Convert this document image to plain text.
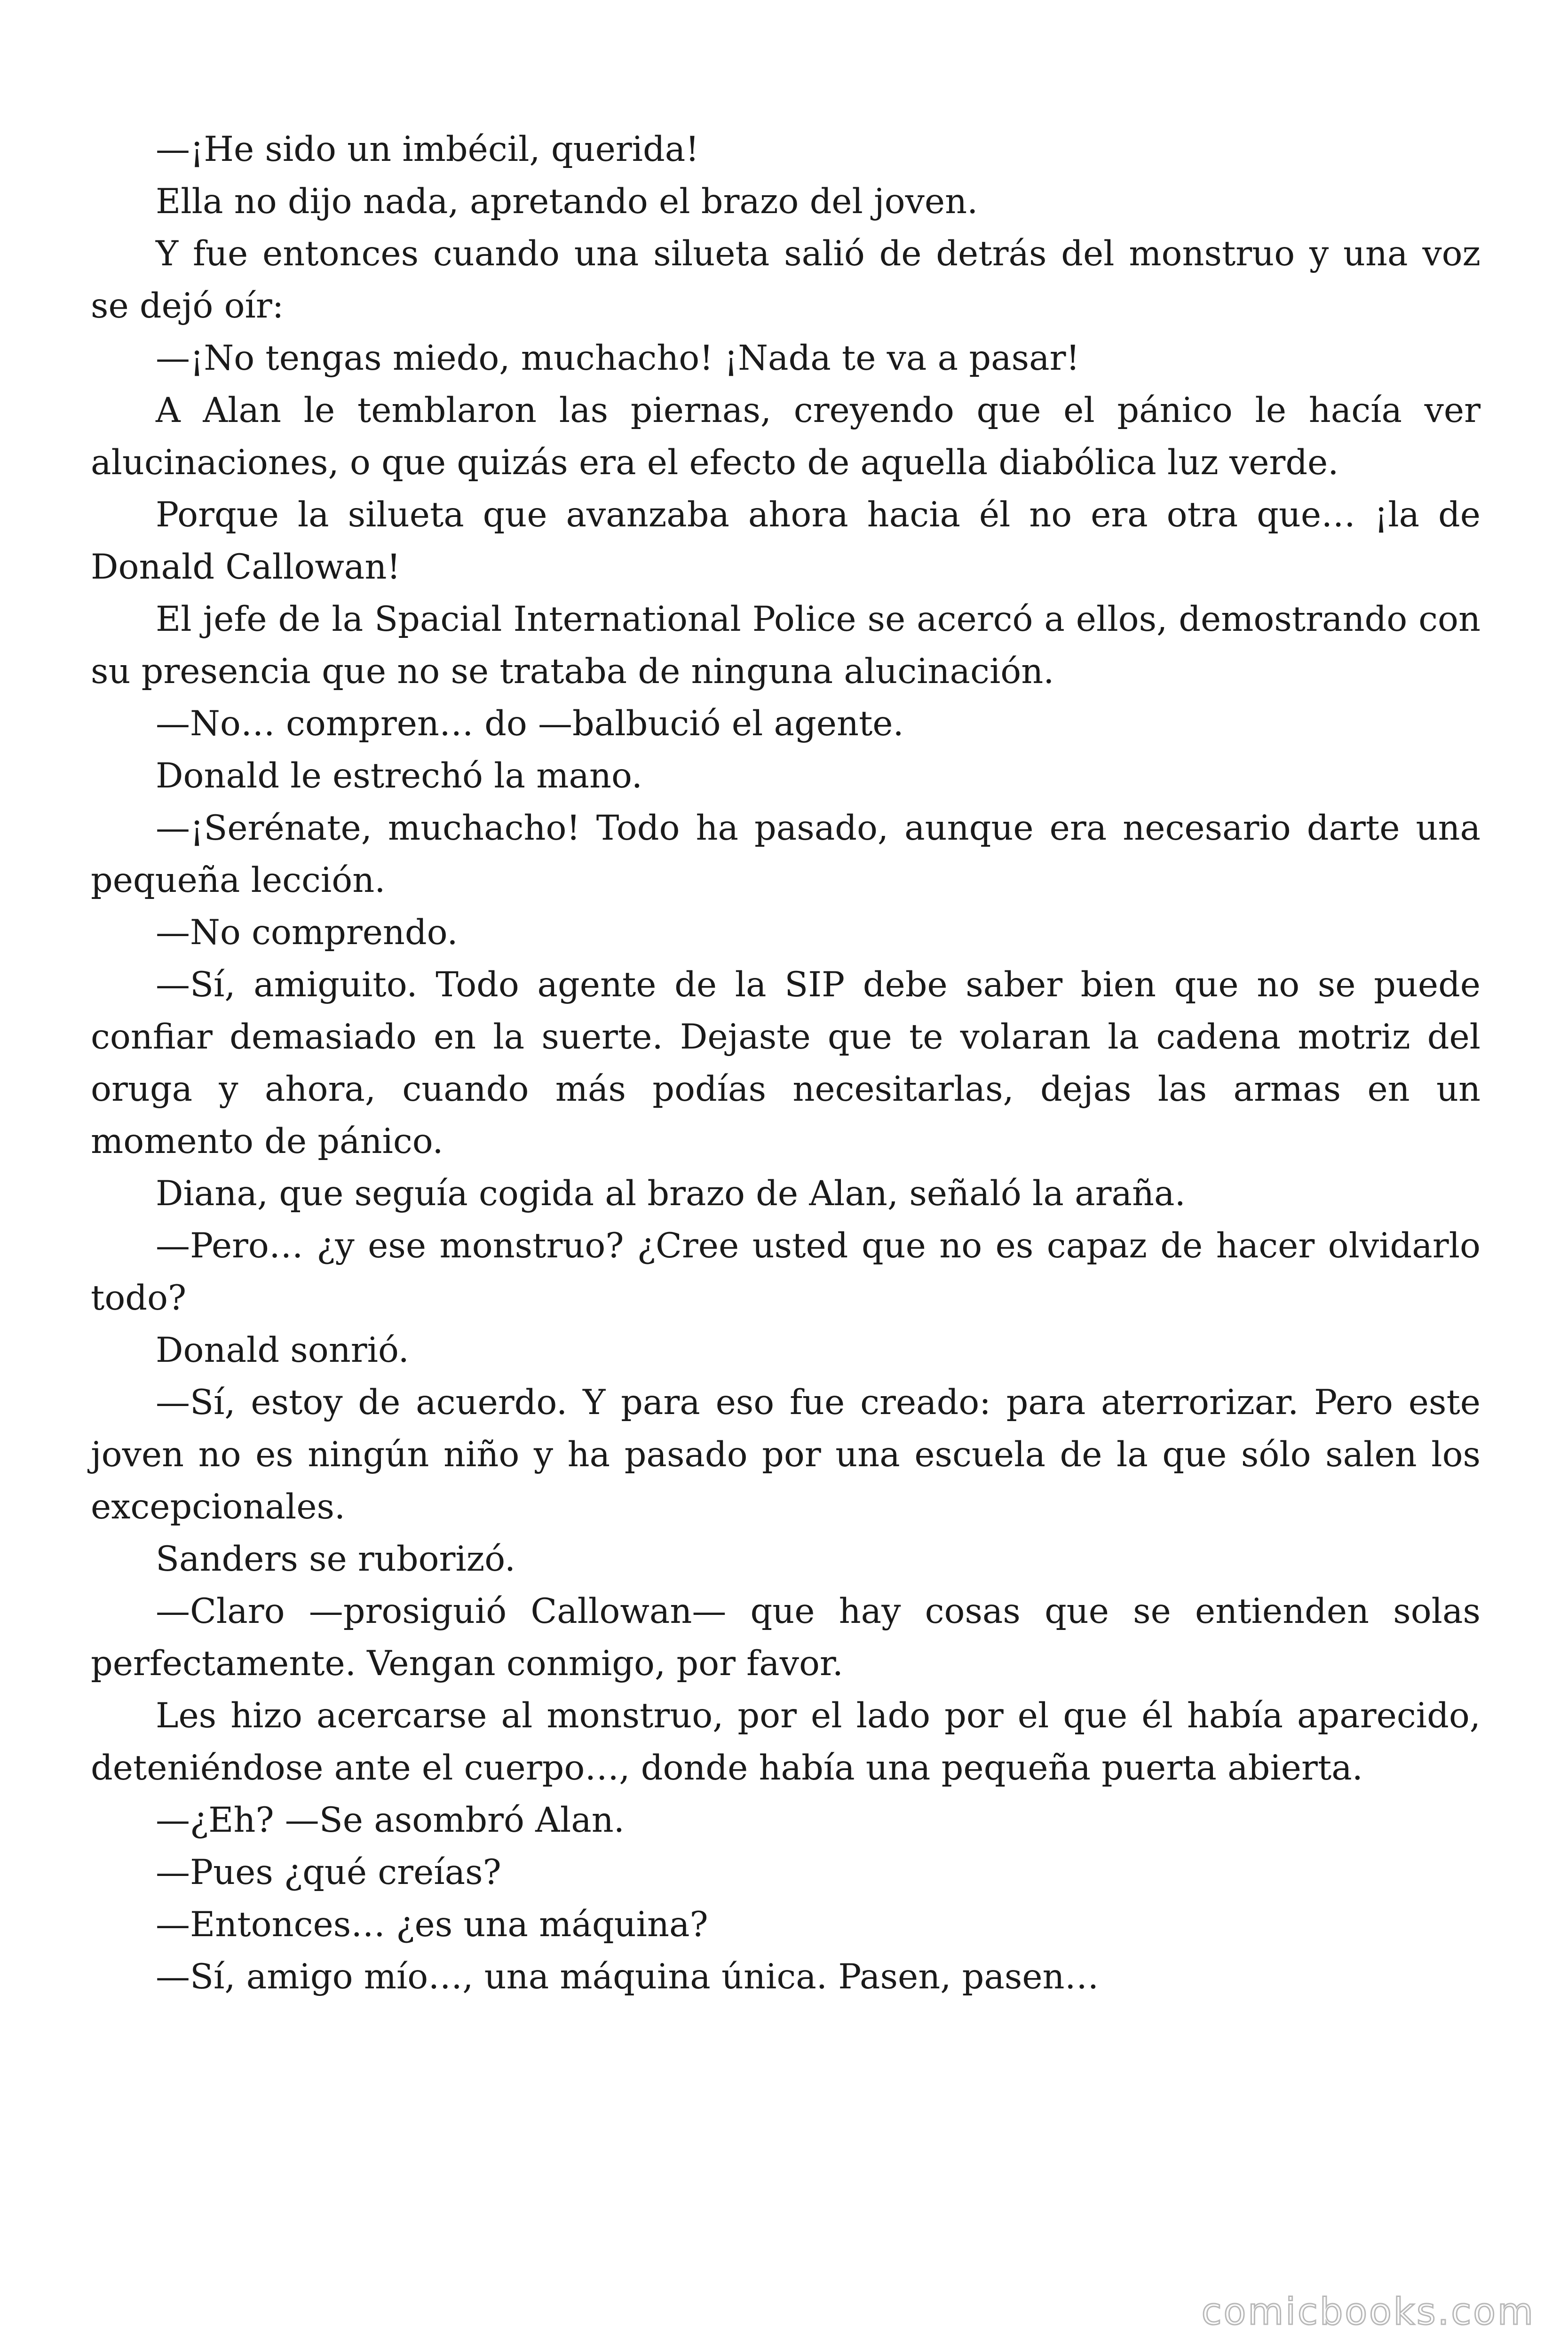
—¡He sido un imbécil, querida!

Ella no dijo nada, apretando el brazo del joven.

Y fue entonces cuando una silueta salió de detrás del monstruo y una voz se dejó oír:

—¡No tengas miedo, muchacho! ¡Nada te va a pasar!

A Alan le temblaron las piernas, creyendo que el pánico le hacía ver alucinaciones, o que quizás era el efecto de aquella diabólica luz verde.

Porque la silueta que avanzaba ahora hacia él no era otra que… ¡la de Donald Callowan!

El jefe de la Spacial International Police se acercó a ellos, demostrando con su presencia que no se trataba de ninguna alucinación.

—No… compren… do —balbució el agente.

Donald le estrechó la mano.

—¡Serénate, muchacho! Todo ha pasado, aunque era necesario darte una pequeña lección.

—No comprendo.

—Sí, amiguito. Todo agente de la SIP debe saber bien que no se puede confiar demasiado en la suerte. Dejaste que te volaran la cadena motriz del oruga y ahora, cuando más podías necesitarlas, dejas las armas en un momento de pánico.

Diana, que seguía cogida al brazo de Alan, señaló la araña.

—Pero… ¿y ese monstruo? ¿Cree usted que no es capaz de hacer olvidarlo todo?

Donald sonrió.

—Sí, estoy de acuerdo. Y para eso fue creado: para aterrorizar. Pero este joven no es ningún niño y ha pasado por una escuela de la que sólo salen los excepcionales.

Sanders se ruborizó.

—Claro —prosiguió Callowan— que hay cosas que se entienden solas perfectamente. Vengan conmigo, por favor.

Les hizo acercarse al monstruo, por el lado por el que él había aparecido, deteniéndose ante el cuerpo…, donde había una pequeña puerta abierta.

—¿Eh? —Se asombró Alan.

—Pues ¿qué creías?

—Entonces… ¿es una máquina?

—Sí, amigo mío…, una máquina única. Pasen, pasen…

comicbooks.com
